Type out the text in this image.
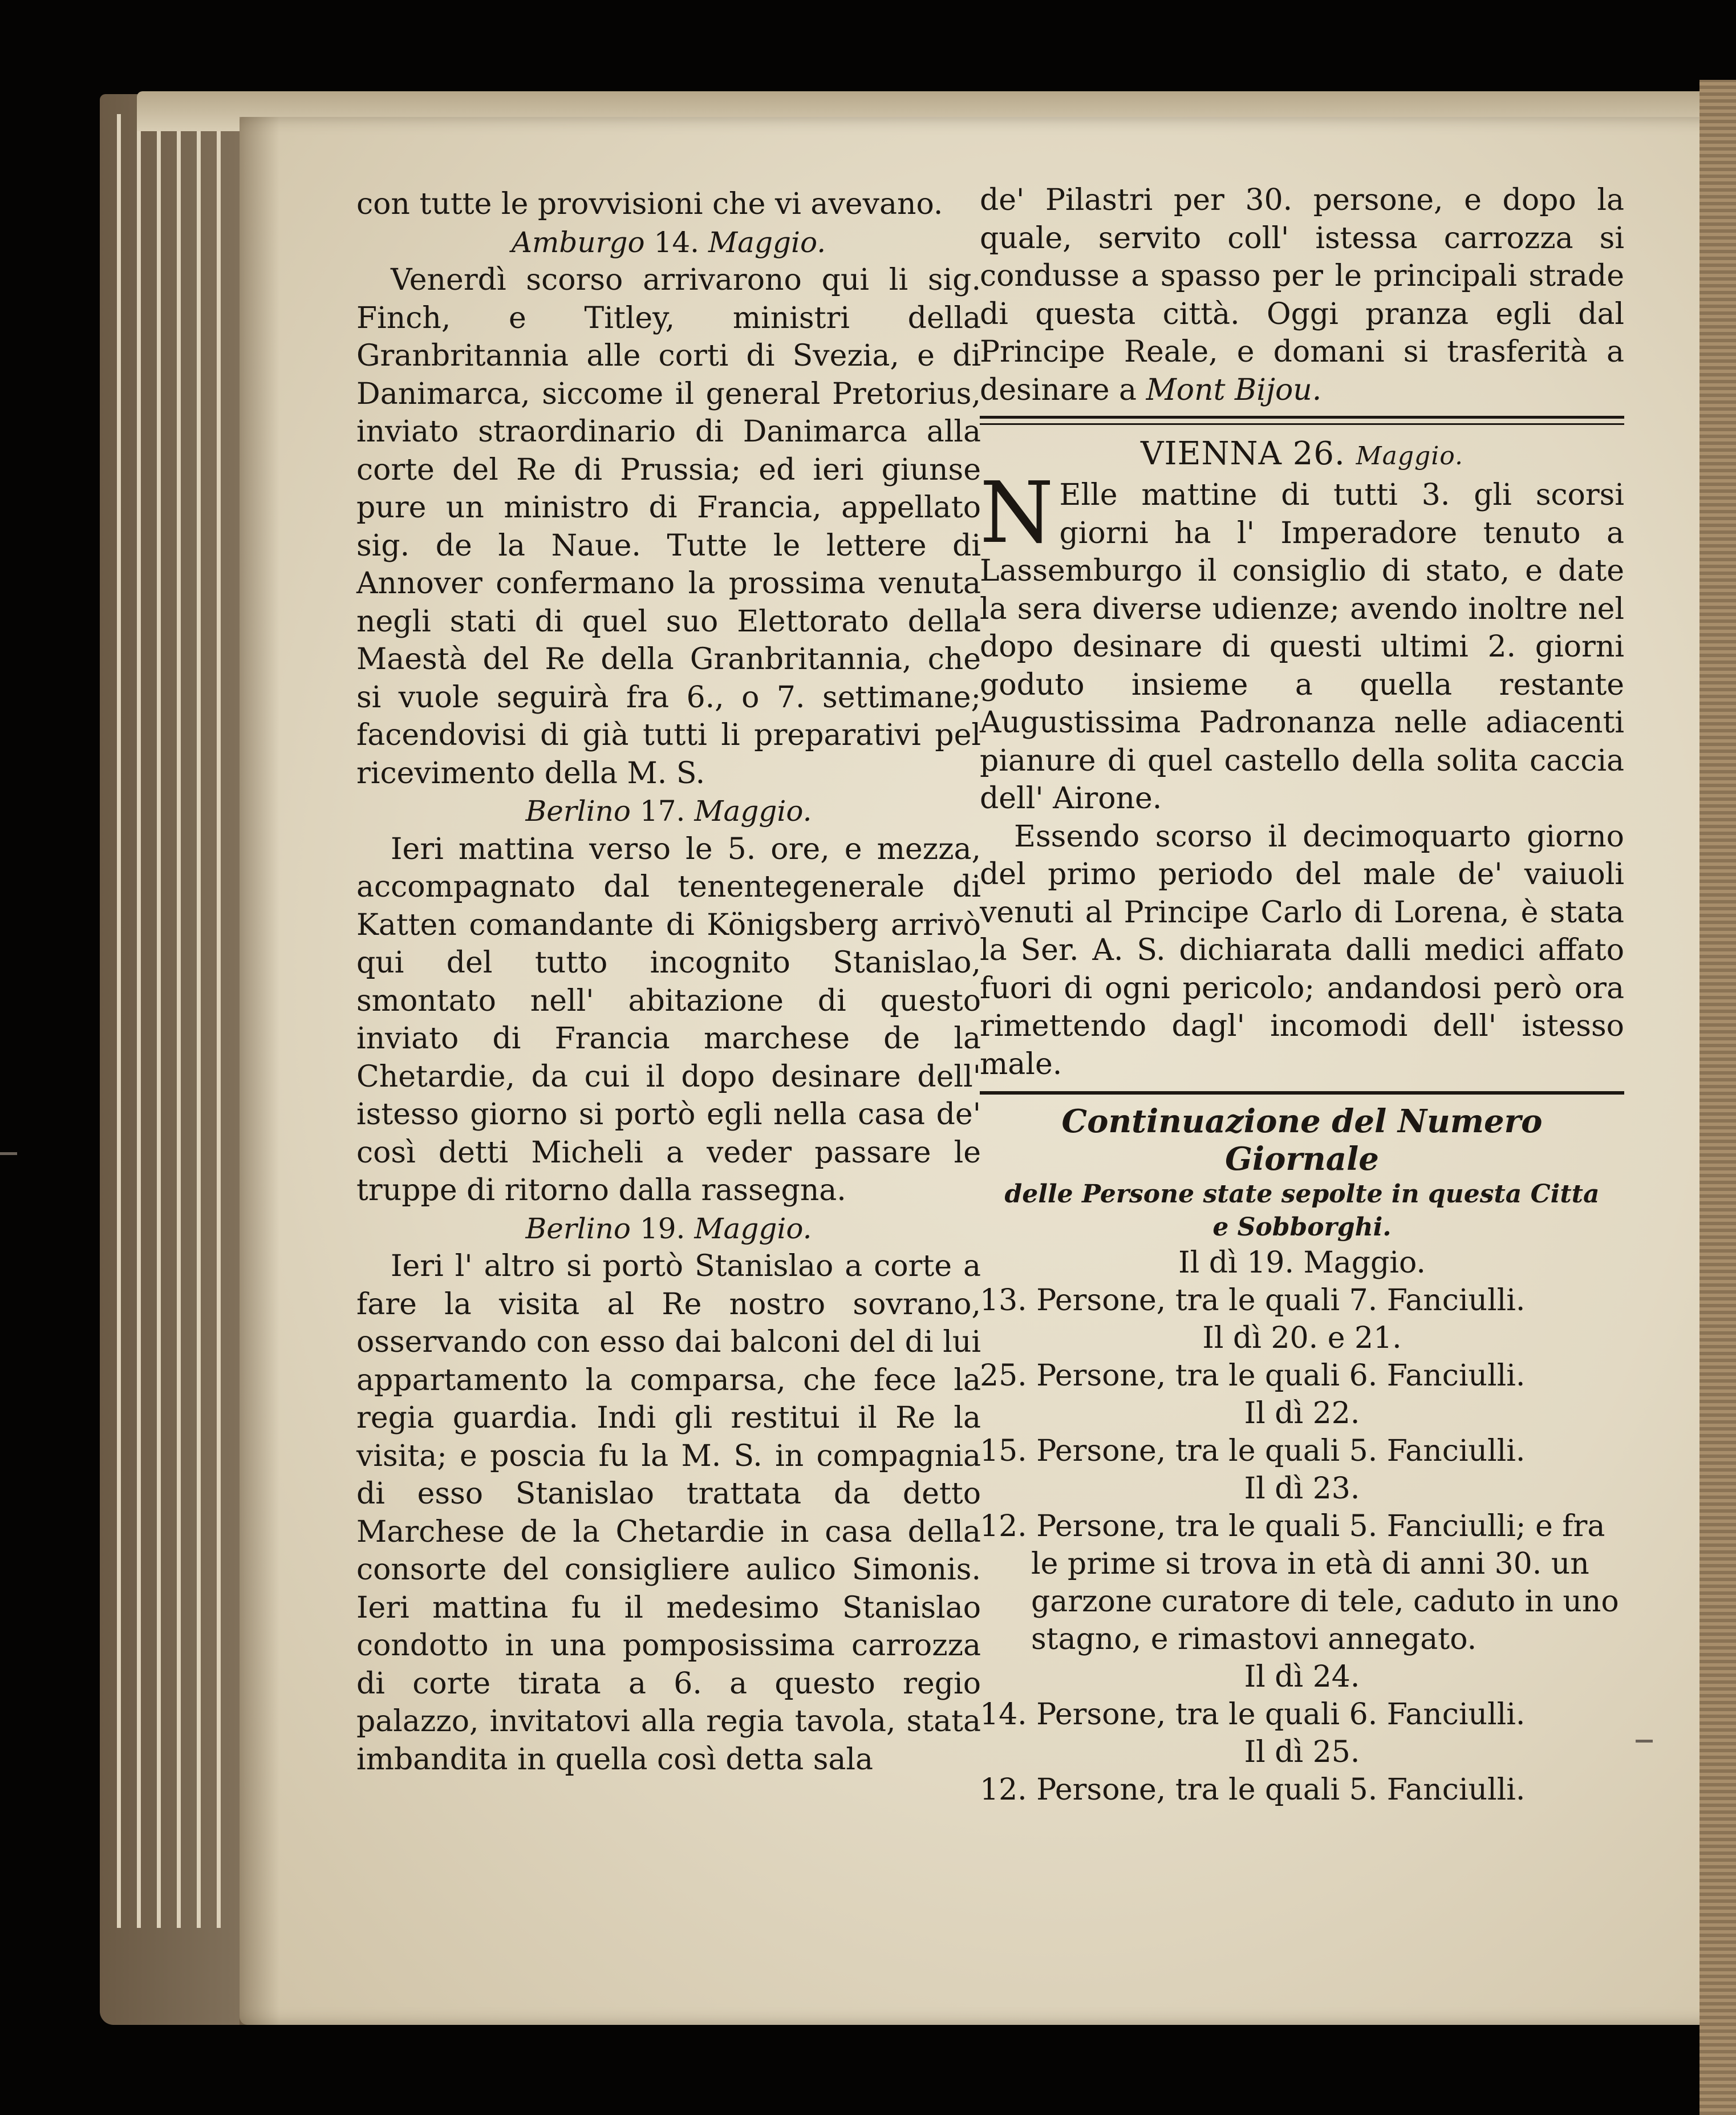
con tutte le provvisioni che vi avevano.

Amburgo 14. Maggio.

Venerdì scorso arrivarono qui li sig. Finch, e Titley, ministri della Granbritannia alle corti di Svezia, e di Danimarca, siccome il general Pretorius, inviato straordinario di Danimarca alla corte del Re di Prussia; ed ieri giunse pure un ministro di Francia, appellato sig. de la Naue. Tutte le lettere di Annover confermano la prossima venuta negli stati di quel suo Elettorato della Maestà del Re della Granbritannia, che si vuole seguirà fra 6., o 7. settimane; facendovisi di già tutti li preparativi pel ricevimento della M. S.

Berlino 17. Maggio.

Ieri mattina verso le 5. ore, e mezza, accompagnato dal tenentegenerale di Katten comandante di Königsberg arrivò qui del tutto incognito Stanislao, smontato nell' abitazione di questo inviato di Francia marchese de la Chetardie, da cui il dopo desinare dell' istesso giorno si portò egli nella casa de' così detti Micheli a veder passare le truppe di ritorno dalla rassegna.

Berlino 19. Maggio.

Ieri l' altro si portò Stanislao a corte a fare la visita al Re nostro sovrano, osservando con esso dai balconi del di lui appartamento la comparsa, che fece la regia guardia. Indi gli restitui il Re la visita; e poscia fu la M. S. in compagnia di esso Stanislao trattata da detto Marchese de la Chetardie in casa della consorte del consigliere aulico Simonis. Ieri mattina fu il medesimo Stanislao condotto in una pomposissima carrozza di corte tirata a 6. a questo regio palazzo, invitatovi alla regia tavola, stata imbandita in quella così detta sala

de' Pilastri per 30. persone, e dopo la quale, servito coll' istessa carrozza si condusse a spasso per le principali strade di questa città. Oggi pranza egli dal Principe Reale, e domani si trasferità a desinare a Mont Bijou.

VIENNA 26. Maggio.

N Elle mattine di tutti 3. gli scorsi giorni ha l' Imperadore tenuto a Lassemburgo il consiglio di stato, e date la sera diverse udienze; avendo inoltre nel dopo desinare di questi ultimi 2. giorni goduto insieme a quella restante Augustissima Padronanza nelle adiacenti pianure di quel castello della solita caccia dell' Airone.

Essendo scorso il decimoquarto giorno del primo periodo del male de' vaiuoli venuti al Principe Carlo di Lorena, è stata la Ser. A. S. dichiarata dalli medici affato fuori di ogni pericolo; andandosi però ora rimettendo dagl' incomodi dell' istesso male.

Continuazione del Numero Giornale

delle Persone state sepolte in questa Citta

e Sobborghi.

Il dì 19. Maggio.

13. Persone, tra le quali 7. Fanciulli.

Il dì 20. e 21.

25. Persone, tra le quali 6. Fanciulli.

Il dì 22.

15. Persone, tra le quali 5. Fanciulli.

Il dì 23.

12. Persone, tra le quali 5. Fanciulli; e fra le prime si trova in età di anni 30. un garzone curatore di tele, caduto in uno stagno, e rimastovi annegato.

Il dì 24.

14. Persone, tra le quali 6. Fanciulli.

Il dì 25.

12. Persone, tra le quali 5. Fanciulli.
